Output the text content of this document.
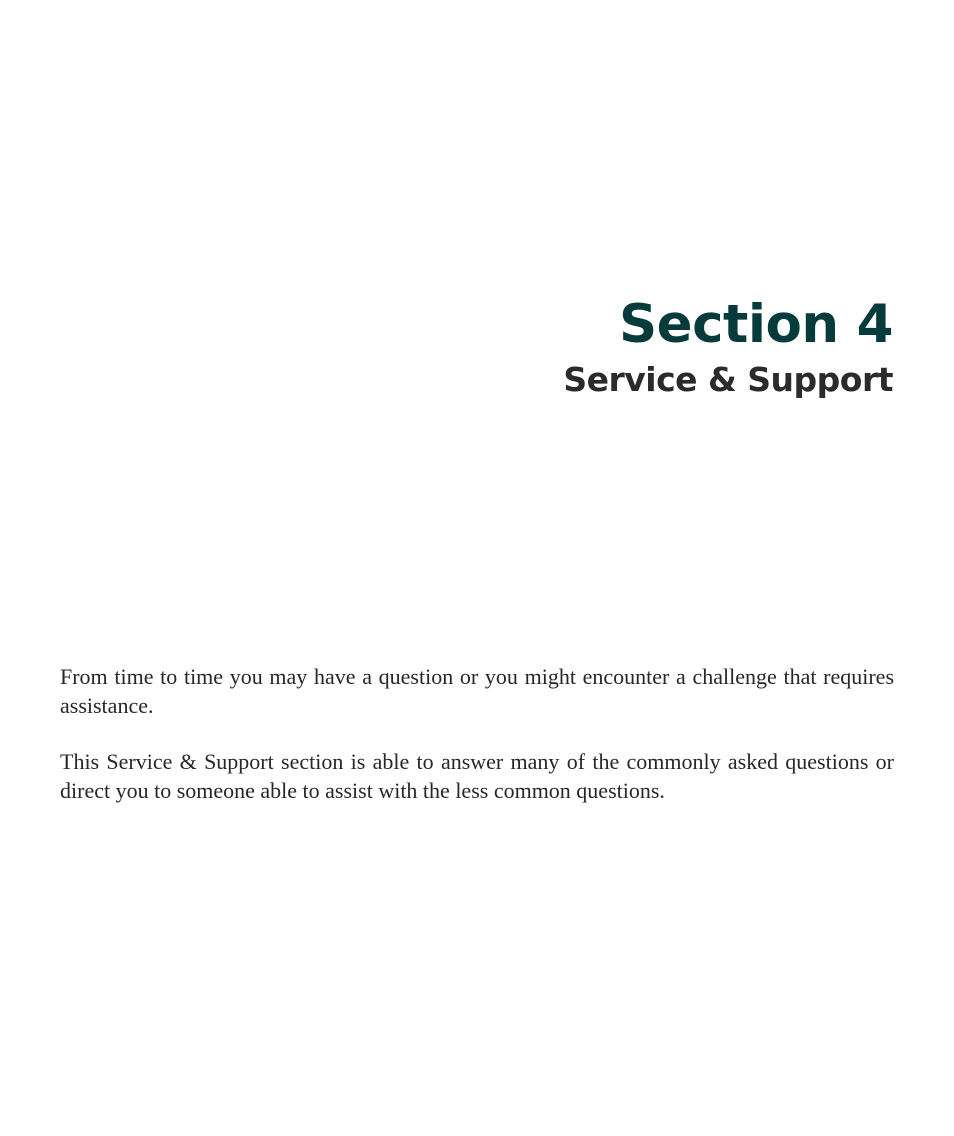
Section 4
Service & Support

From time to time you may have a question or you might encounter a challenge that requires assistance.

This Service & Support section is able to answer many of the commonly asked questions or direct you to someone able to assist with the less common questions.
